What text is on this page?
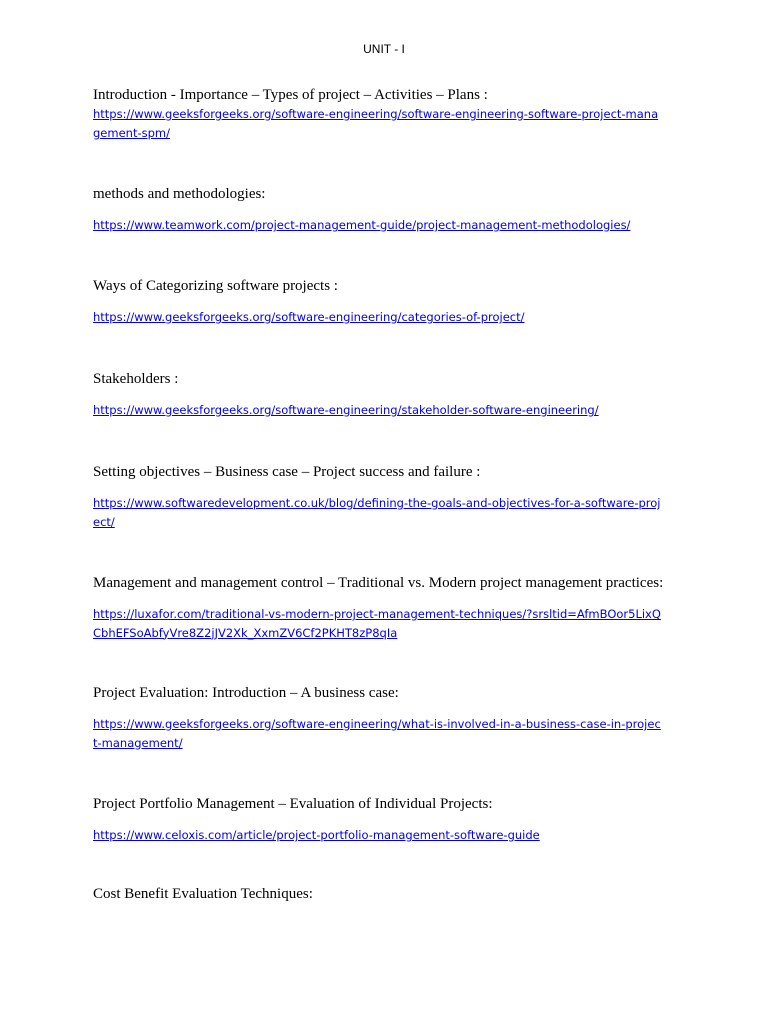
UNIT - I

Introduction - Importance – Types of project – Activities – Plans :

https://www.geeksforgeeks.org/software-engineering/software-engineering-software-project-management-spm/

methods and methodologies:

https://www.teamwork.com/project-management-guide/project-management-methodologies/

Ways of Categorizing software projects :

https://www.geeksforgeeks.org/software-engineering/categories-of-project/

Stakeholders :

https://www.geeksforgeeks.org/software-engineering/stakeholder-software-engineering/

Setting objectives – Business case – Project success and failure :

https://www.softwaredevelopment.co.uk/blog/defining-the-goals-and-objectives-for-a-software-project/

Management and management control – Traditional vs. Modern project management practices:

https://luxafor.com/traditional-vs-modern-project-management-techniques/?srsltid=AfmBOor5LixQCbhEFSoAbfyVre8Z2jJV2Xk_XxmZV6Cf2PKHT8zP8qIa

Project Evaluation: Introduction – A business case:

https://www.geeksforgeeks.org/software-engineering/what-is-involved-in-a-business-case-in-project-management/

Project Portfolio Management – Evaluation of Individual Projects:

https://www.celoxis.com/article/project-portfolio-management-software-guide

Cost Benefit Evaluation Techniques:
